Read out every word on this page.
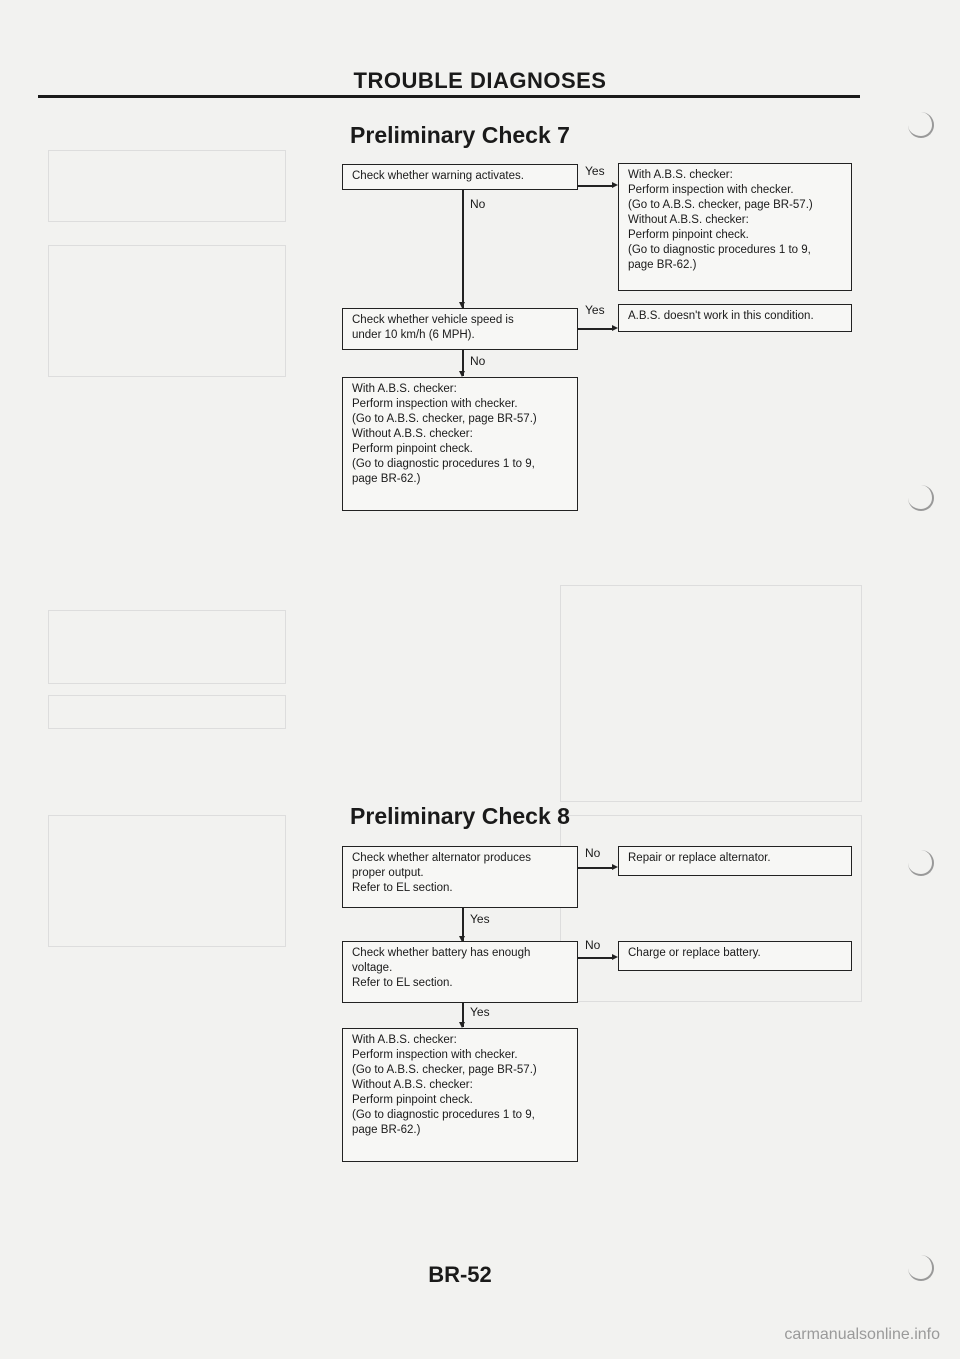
TROUBLE DIAGNOSES
Preliminary Check 7
Check whether warning activates.	Yes	With A.B.S. checker:
Perform inspection with checker.
(Go to A.B.S. checker, page BR-57.)
Without A.B.S. checker:
Perform pinpoint check.
(Go to diagnostic procedures 1 to 9,
page BR-62.)
No
Check whether vehicle speed is
under 10 km/h (6 MPH).
Yes	A.B.S. doesn't work in this condition.
No
With A.B.S. checker:
Perform inspection with checker.
(Go to A.B.S. checker, page BR-57.)
Without A.B.S. checker:
Perform pinpoint check.
(Go to diagnostic procedures 1 to 9,
page BR-62.)
Preliminary Check 8
Check whether alternator produces
proper output.
Refer to EL section.
No	Repair or replace alternator.
Yes
Check whether battery has enough
voltage.
Refer to EL section.
No
Charge or replace battery.
Yes
With A.B.S. checker:
Perform inspection with checker.
(Go to A.B.S. checker, page BR-57.)
Without A.B.S. checker:
Perform pinpoint check.
(Go to diagnostic procedures 1 to 9,
page BR-62.)
BR-52
carmanualsonline.info
